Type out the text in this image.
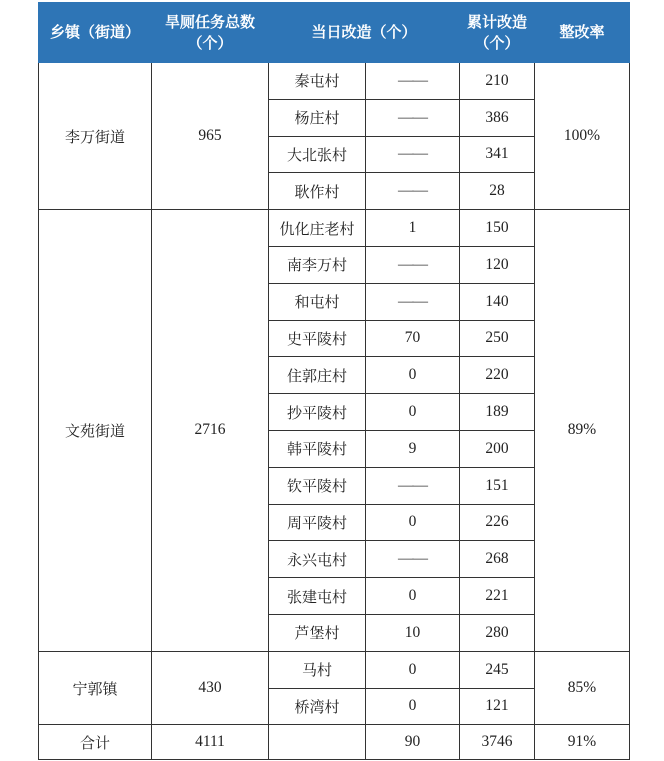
乡镇（街道）	旱厕任务总数（个）	当日改造（个）		累计改造（个）	整改率
李万街道	965	秦屯村	——	210	100%
		杨庄村	——	386	
		大北张村	——	341	
		耿作村	——	28	
文苑街道	2716	仇化庄老村	1	150	89%
		南李万村	——	120	
		和屯村	——	140	
		史平陵村	70	250	
		住郭庄村	0	220	
		抄平陵村	0	189	
		韩平陵村	9	200	
		钦平陵村	——	151	
		周平陵村	0	226	
		永兴屯村	——	268	
		张建屯村	0	221	
		芦堡村	10	280	
宁郭镇	430	马村	0	245	85%
		桥湾村	0	121	
合计	4111		90	3746	91%
